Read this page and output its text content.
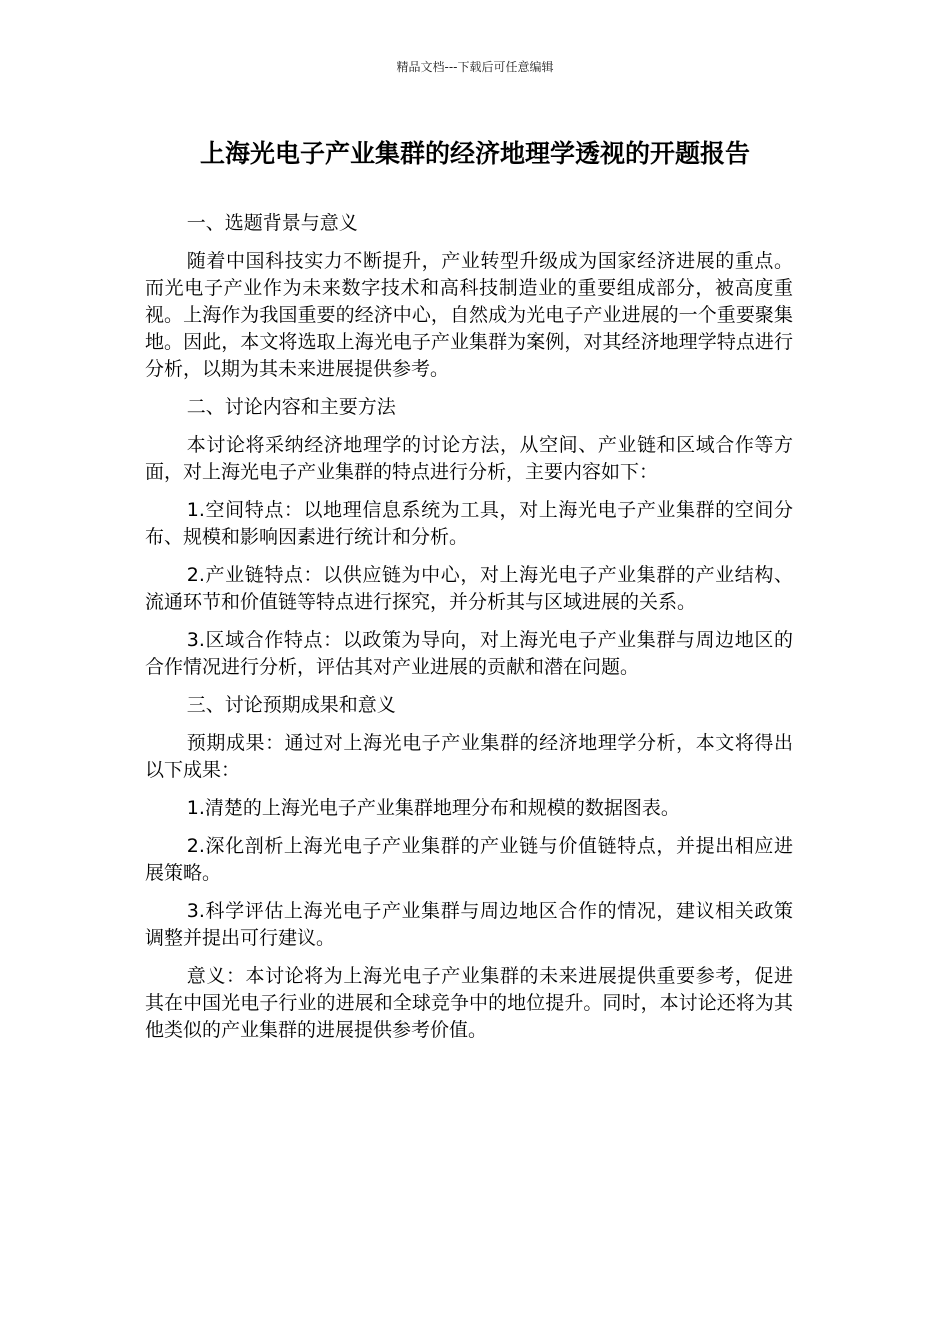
精品文档---下载后可任意编辑
上海光电子产业集群的经济地理学透视的开题报告

一、选题背景与意义

随着中国科技实力不断提升，产业转型升级成为国家经济进展的重点。而光电子产业作为未来数字技术和高科技制造业的重要组成部分，被高度重视。上海作为我国重要的经济中心，自然成为光电子产业进展的一个重要聚集地。因此，本文将选取上海光电子产业集群为案例，对其经济地理学特点进行分析，以期为其未来进展提供参考。

二、讨论内容和主要方法

本讨论将采纳经济地理学的讨论方法，从空间、产业链和区域合作等方面，对上海光电子产业集群的特点进行分析，主要内容如下：

1.空间特点：以地理信息系统为工具，对上海光电子产业集群的空间分布、规模和影响因素进行统计和分析。

2.产业链特点：以供应链为中心，对上海光电子产业集群的产业结构、流通环节和价值链等特点进行探究，并分析其与区域进展的关系。

3.区域合作特点：以政策为导向，对上海光电子产业集群与周边地区的合作情况进行分析，评估其对产业进展的贡献和潜在问题。

三、讨论预期成果和意义

预期成果：通过对上海光电子产业集群的经济地理学分析，本文将得出以下成果：

1.清楚的上海光电子产业集群地理分布和规模的数据图表。

2.深化剖析上海光电子产业集群的产业链与价值链特点，并提出相应进展策略。

3.科学评估上海光电子产业集群与周边地区合作的情况，建议相关政策调整并提出可行建议。

意义：本讨论将为上海光电子产业集群的未来进展提供重要参考，促进其在中国光电子行业的进展和全球竞争中的地位提升。同时，本讨论还将为其他类似的产业集群的进展提供参考价值。
